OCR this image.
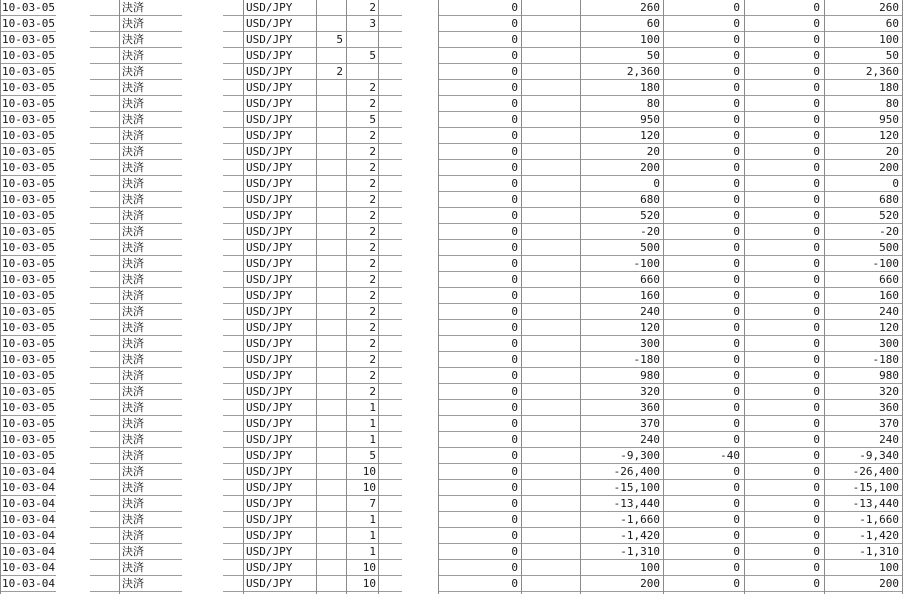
10-03-05	決済	USD/JPY	2	0	260	0	0	260
10-03-05	決済	USD/JPY	3	0	60	0	0	60
10-03-05	決済	USD/JPY	5	0	100	0	0	100
10-03-05	決済	USD/JPY	5	0	50	0	0	50
10-03-05	決済	USD/JPY	2	0	2,360	0	0	2,360
10-03-05	決済	USD/JPY	2	0	180	0	0	180
10-03-05	決済	USD/JPY	2	0	80	0	0	80
10-03-05	決済	USD/JPY	5	0	950	0	0	950
10-03-05	決済	USD/JPY	2	0	120	0	0	120
10-03-05	決済	USD/JPY	2	0	20	0	0	20
10-03-05	決済	USD/JPY	2	0	200	0	0	200
10-03-05	決済	USD/JPY	2	0	0	0	0	0
10-03-05	決済	USD/JPY	2	0	680	0	0	680
10-03-05	決済	USD/JPY	2	0	520	0	0	520
10-03-05	決済	USD/JPY	2	0	-20	0	0	-20
10-03-05	決済	USD/JPY	2	0	500	0	0	500
10-03-05	決済	USD/JPY	2	0	-100	0	0	-100
10-03-05	決済	USD/JPY	2	0	660	0	0	660
10-03-05	決済	USD/JPY	2	0	160	0	0	160
10-03-05	決済	USD/JPY	2	0	240	0	0	240
10-03-05	決済	USD/JPY	2	0	120	0	0	120
10-03-05	決済	USD/JPY	2	0	300	0	0	300
10-03-05	決済	USD/JPY	2	0	-180	0	0	-180
10-03-05	決済	USD/JPY	2	0	980	0	0	980
10-03-05	決済	USD/JPY	2	0	320	0	0	320
10-03-05	決済	USD/JPY	1	0	360	0	0	360
10-03-05	決済	USD/JPY	1	0	370	0	0	370
10-03-05	決済	USD/JPY	1	0	240	0	0	240
10-03-05	決済	USD/JPY	5	0	-9,300	-40	0	-9,340
10-03-04	決済	USD/JPY	10	0	-26,400	0	0	-26,400
10-03-04	決済	USD/JPY	10	0	-15,100	0	0	-15,100
10-03-04	決済	USD/JPY	7	0	-13,440	0	0	-13,440
10-03-04	決済	USD/JPY	1	0	-1,660	0	0	-1,660
10-03-04	決済	USD/JPY	1	0	-1,420	0	0	-1,420
10-03-04	決済	USD/JPY	1	0	-1,310	0	0	-1,310
10-03-04	決済	USD/JPY	10	0	100	0	0	100
10-03-04	決済	USD/JPY	10	0	200	0	0	200
